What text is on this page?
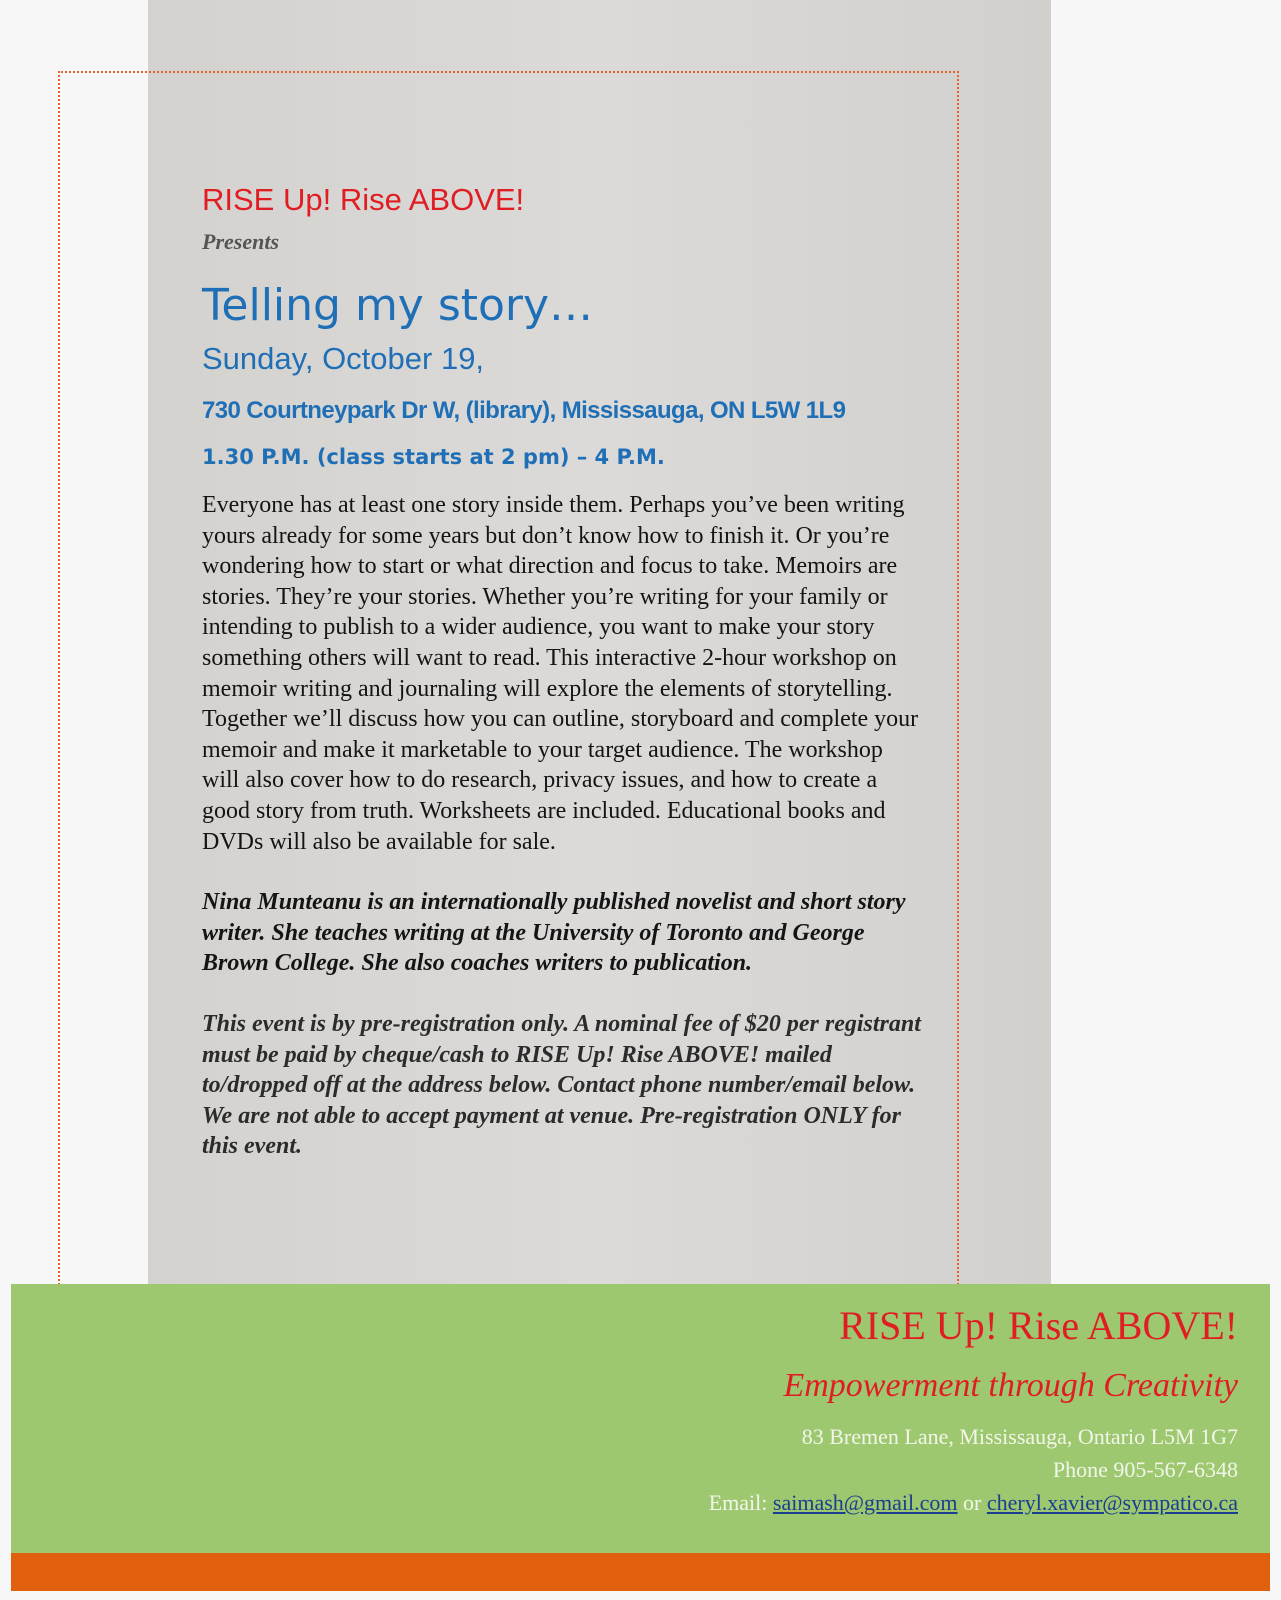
RISE Up! Rise ABOVE!
Presents
Telling my story…
Sunday, October 19,
730 Courtneypark Dr W, (library), Mississauga, ON L5W 1L9
1.30 P.M. (class starts at 2 pm) – 4 P.M.
Everyone has at least one story inside them. Perhaps you’ve been writing yours already for some years but don’t know how to finish it. Or you’re wondering how to start or what direction and focus to take. Memoirs are stories. They’re your stories. Whether you’re writing for your family or intending to publish to a wider audience, you want to make your story something others will want to read. This interactive 2-hour workshop on memoir writing and journaling will explore the elements of storytelling. Together we’ll discuss how you can outline, storyboard and complete your memoir and make it marketable to your target audience. The workshop will also cover how to do research, privacy issues, and how to create a good story from truth. Worksheets are included. Educational books and DVDs will also be available for sale.
Nina Munteanu is an internationally published novelist and short story writer. She teaches writing at the University of Toronto and George Brown College. She also coaches writers to publication.
This event is by pre-registration only. A nominal fee of $20 per registrant must be paid by cheque/cash to RISE Up! Rise ABOVE! mailed to/dropped off at the address below. Contact phone number/email below. We are not able to accept payment at venue. Pre-registration ONLY for this event.
RISE Up! Rise ABOVE!
Empowerment through Creativity
83 Bremen Lane, Mississauga, Ontario L5M 1G7
Phone 905-567-6348
Email: saimash@gmail.com or cheryl.xavier@sympatico.ca
